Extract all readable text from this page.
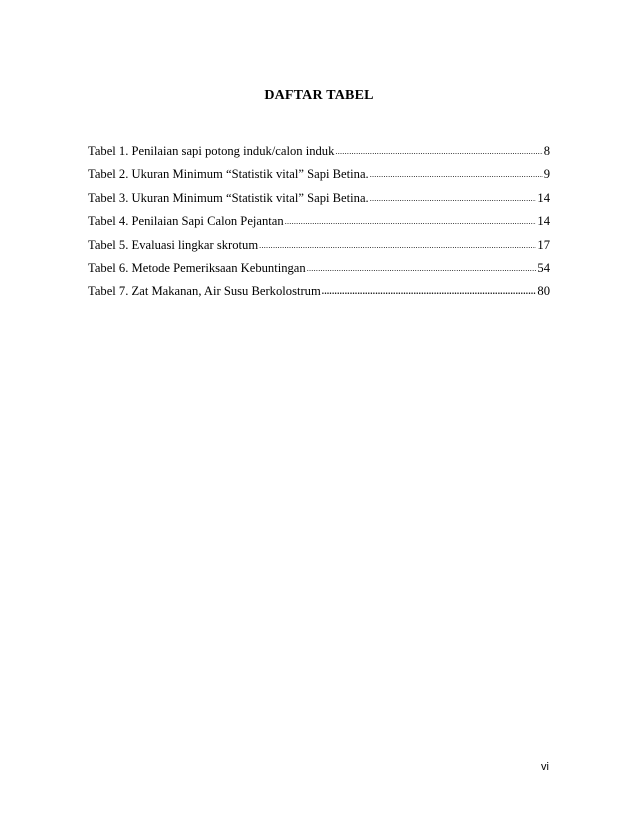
DAFTAR TABEL
Tabel 1. Penilaian sapi potong induk/calon induk .....	8
Tabel 2. Ukuran Minimum “Statistik vital” Sapi Betina. .....	9
Tabel 3. Ukuran Minimum “Statistik vital” Sapi Betina. .....	14
Tabel 4. Penilaian Sapi Calon Pejantan .....	14
Tabel 5. Evaluasi lingkar skrotum .....	17
Tabel 6. Metode Pemeriksaan Kebuntingan .....	54
Tabel 7. Zat Makanan, Air Susu Berkolostrum .....	80
vi
